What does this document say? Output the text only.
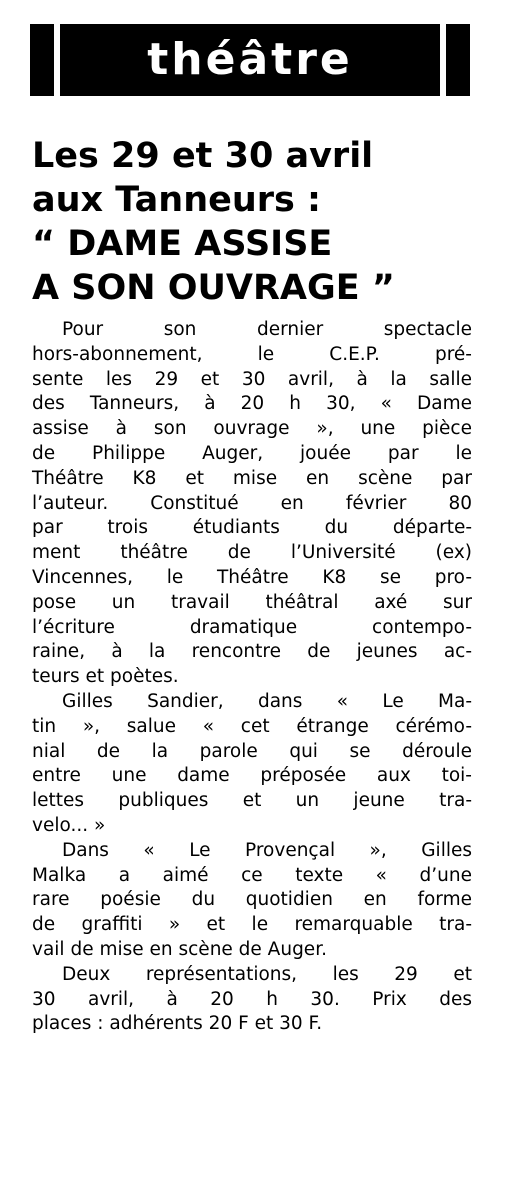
théâtre
Les 29 et 30 avril
aux Tanneurs :
“ DAME ASSISE
A SON OUVRAGE ”
Pour son dernier spectacle
hors-abonnement, le C.E.P. pré-
sente les 29 et 30 avril, à la salle
des Tanneurs, à 20 h 30, « Dame
assise à son ouvrage », une pièce
de Philippe Auger, jouée par le
Théâtre K8 et mise en scène par
l’auteur. Constitué en février 80
par trois étudiants du départe-
ment théâtre de l’Université (ex)
Vincennes, le Théâtre K8 se pro-
pose un travail théâtral axé sur
l’écriture dramatique contempo-
raine, à la rencontre de jeunes ac-
teurs et poètes.
Gilles Sandier, dans « Le Ma-
tin », salue « cet étrange cérémo-
nial de la parole qui se déroule
entre une dame préposée aux toi-
lettes publiques et un jeune tra-
velo... »
Dans « Le Provençal », Gilles
Malka a aimé ce texte « d’une
rare poésie du quotidien en forme
de graffiti » et le remarquable tra-
vail de mise en scène de Auger.
Deux représentations, les 29 et
30 avril, à 20 h 30. Prix des
places : adhérents 20 F et 30 F.
